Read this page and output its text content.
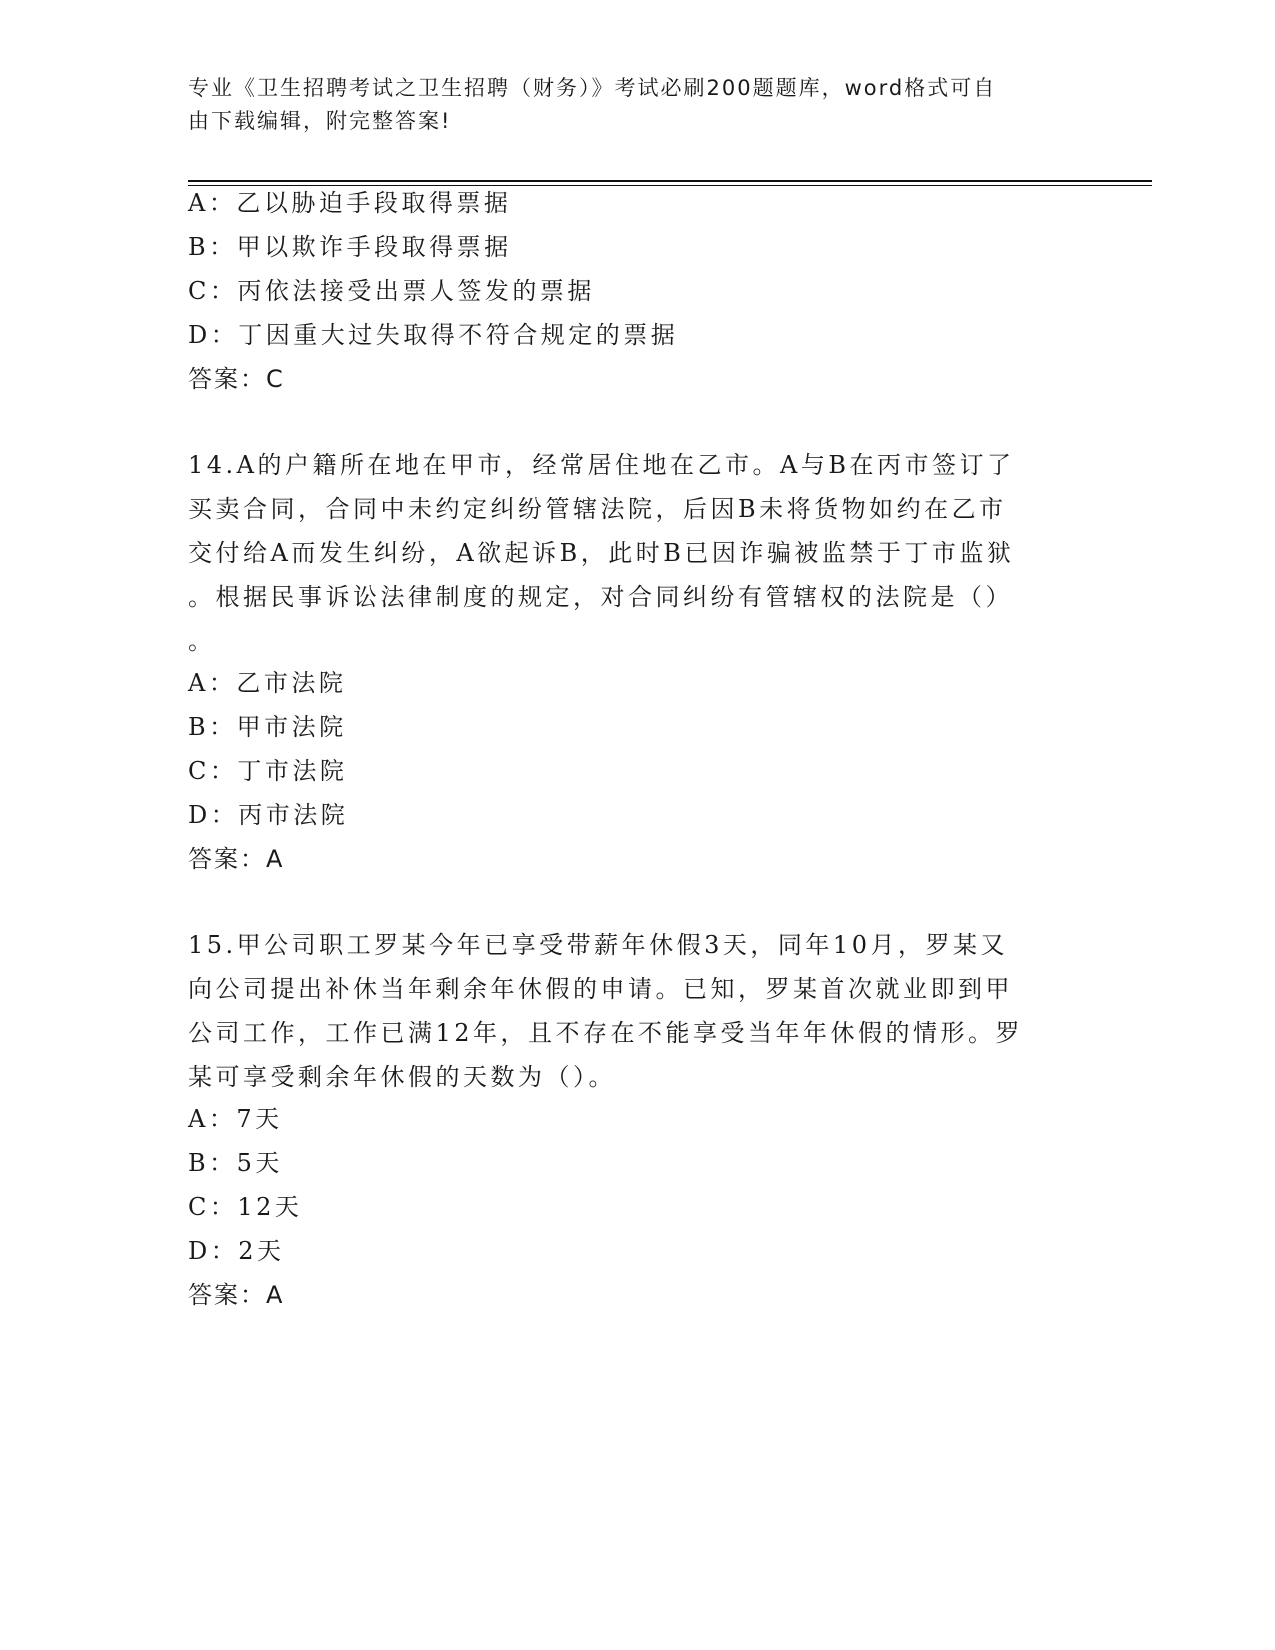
专业《卫生招聘考试之卫生招聘（财务）》考试必刷200题题库，word格式可自
由下载编辑，附完整答案!
A：乙以胁迫手段取得票据
B：甲以欺诈手段取得票据
C：丙依法接受出票人签发的票据
D：丁因重大过失取得不符合规定的票据
答案：C
14.A的户籍所在地在甲市，经常居住地在乙市。A与B在丙市签订了
买卖合同，合同中未约定纠纷管辖法院，后因B未将货物如约在乙市
交付给A而发生纠纷，A欲起诉B，此时B已因诈骗被监禁于丁市监狱
。根据民事诉讼法律制度的规定，对合同纠纷有管辖权的法院是（）
。
A：乙市法院
B：甲市法院
C：丁市法院
D：丙市法院
答案：A
15.甲公司职工罗某今年已享受带薪年休假3天，同年10月，罗某又
向公司提出补休当年剩余年休假的申请。已知，罗某首次就业即到甲
公司工作，工作已满12年，且不存在不能享受当年年休假的情形。罗
某可享受剩余年休假的天数为（）。
A：7天
B：5天
C：12天
D：2天
答案：A
